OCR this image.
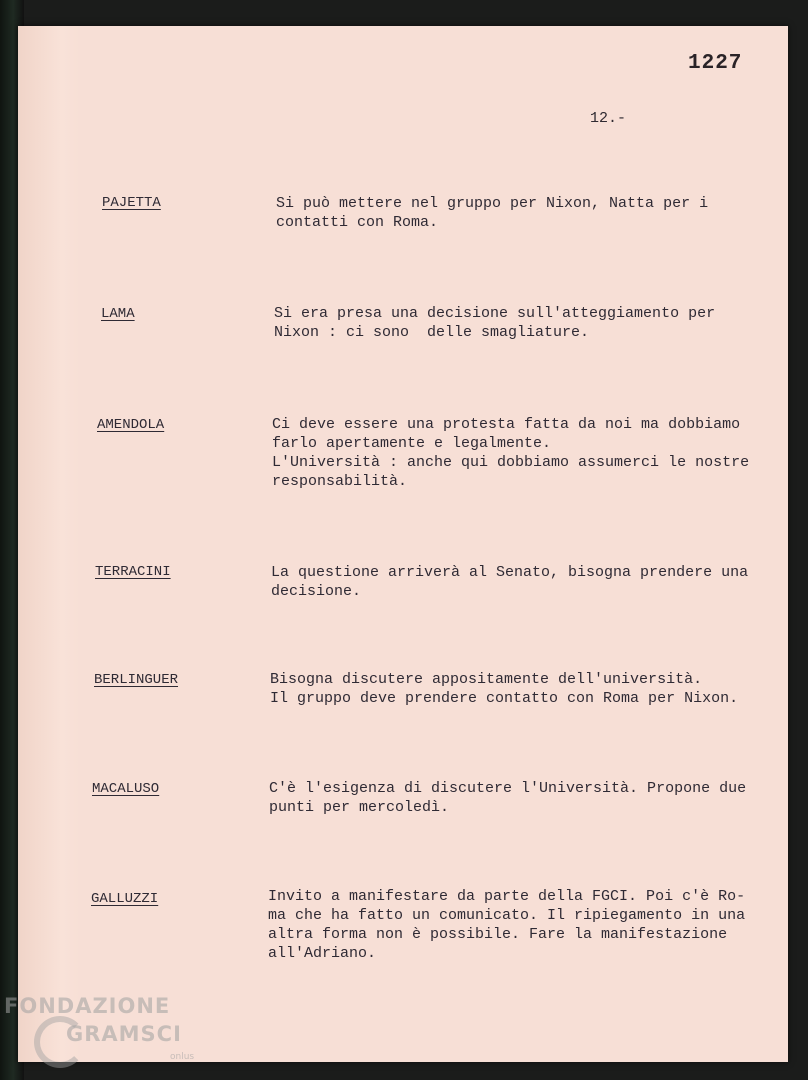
1227
12.-
PAJETTA	Si può mettere nel gruppo per Nixon, Natta per i
contatti con Roma.
LAMA	Si era presa una decisione sull'atteggiamento per
Nixon : ci sono  delle smagliature.
AMENDOLA	Ci deve essere una protesta fatta da noi ma dobbiamo
farlo apertamente e legalmente.
L'Università : anche qui dobbiamo assumerci le nostre
responsabilità.
TERRACINI	La questione arriverà al Senato, bisogna prendere una
decisione.
BERLINGUER	Bisogna discutere appositamente dell'università.
Il gruppo deve prendere contatto con Roma per Nixon.
MACALUSO	C'è l'esigenza di discutere l'Università. Propone due
punti per mercoledì.
GALLUZZI	Invito a manifestare da parte della FGCI. Poi c'è Ro-
ma che ha fatto un comunicato. Il ripiegamento in una
altra forma non è possibile. Fare la manifestazione
all'Adriano.
FONDAZIONE
GRAMSCI
onlus
